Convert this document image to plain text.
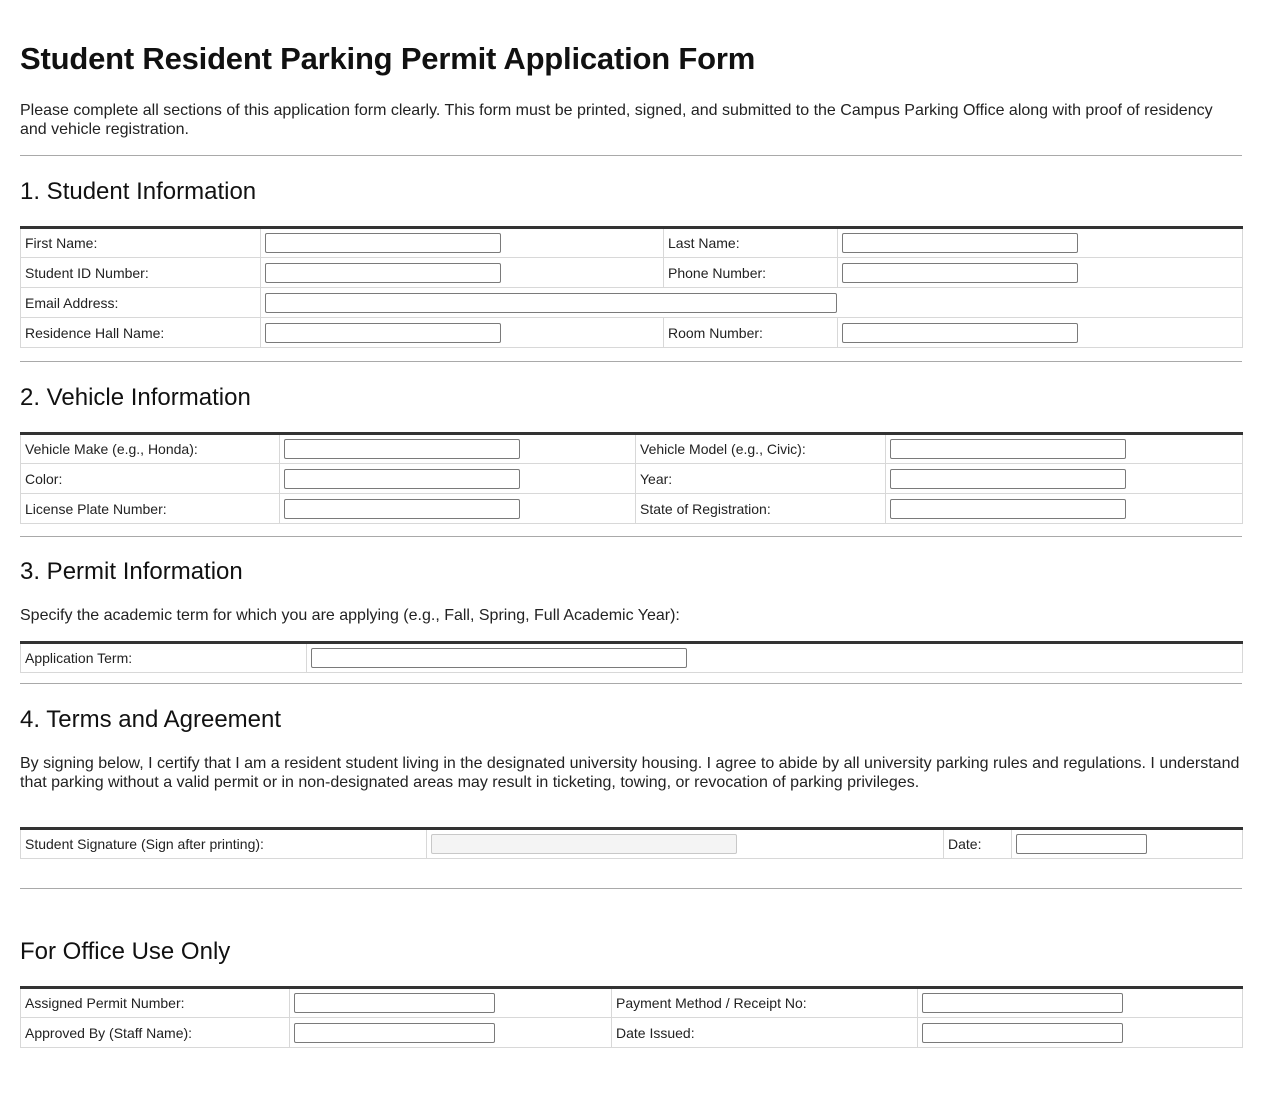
Student Resident Parking Permit Application Form

Please complete all sections of this application form clearly. This form must be printed, signed, and submitted to the Campus Parking Office along with proof of residency and vehicle registration.

1. Student Information
First Name:		Last Name:	

Student ID Number:		Phone Number:	

Email Address:	

Residence Hall Name:		Room Number:	
2. Vehicle Information
Vehicle Make (e.g., Honda):		Vehicle Model (e.g., Civic):	

Color:		Year:	

License Plate Number:		State of Registration:	
3. Permit Information

Specify the academic term for which you are applying (e.g., Fall, Spring, Full Academic Year):

Application Term:	
4. Terms and Agreement

By signing below, I certify that I am a resident student living in the designated university housing. I agree to abide by all university parking rules and regulations. I understand that parking without a valid permit or in non-designated areas may result in ticketing, towing, or revocation of parking privileges.

Student Signature (Sign after printing):		Date:	
For Office Use Only
Assigned Permit Number:		Payment Method / Receipt No:	

Approved By (Staff Name):		Date Issued:	
